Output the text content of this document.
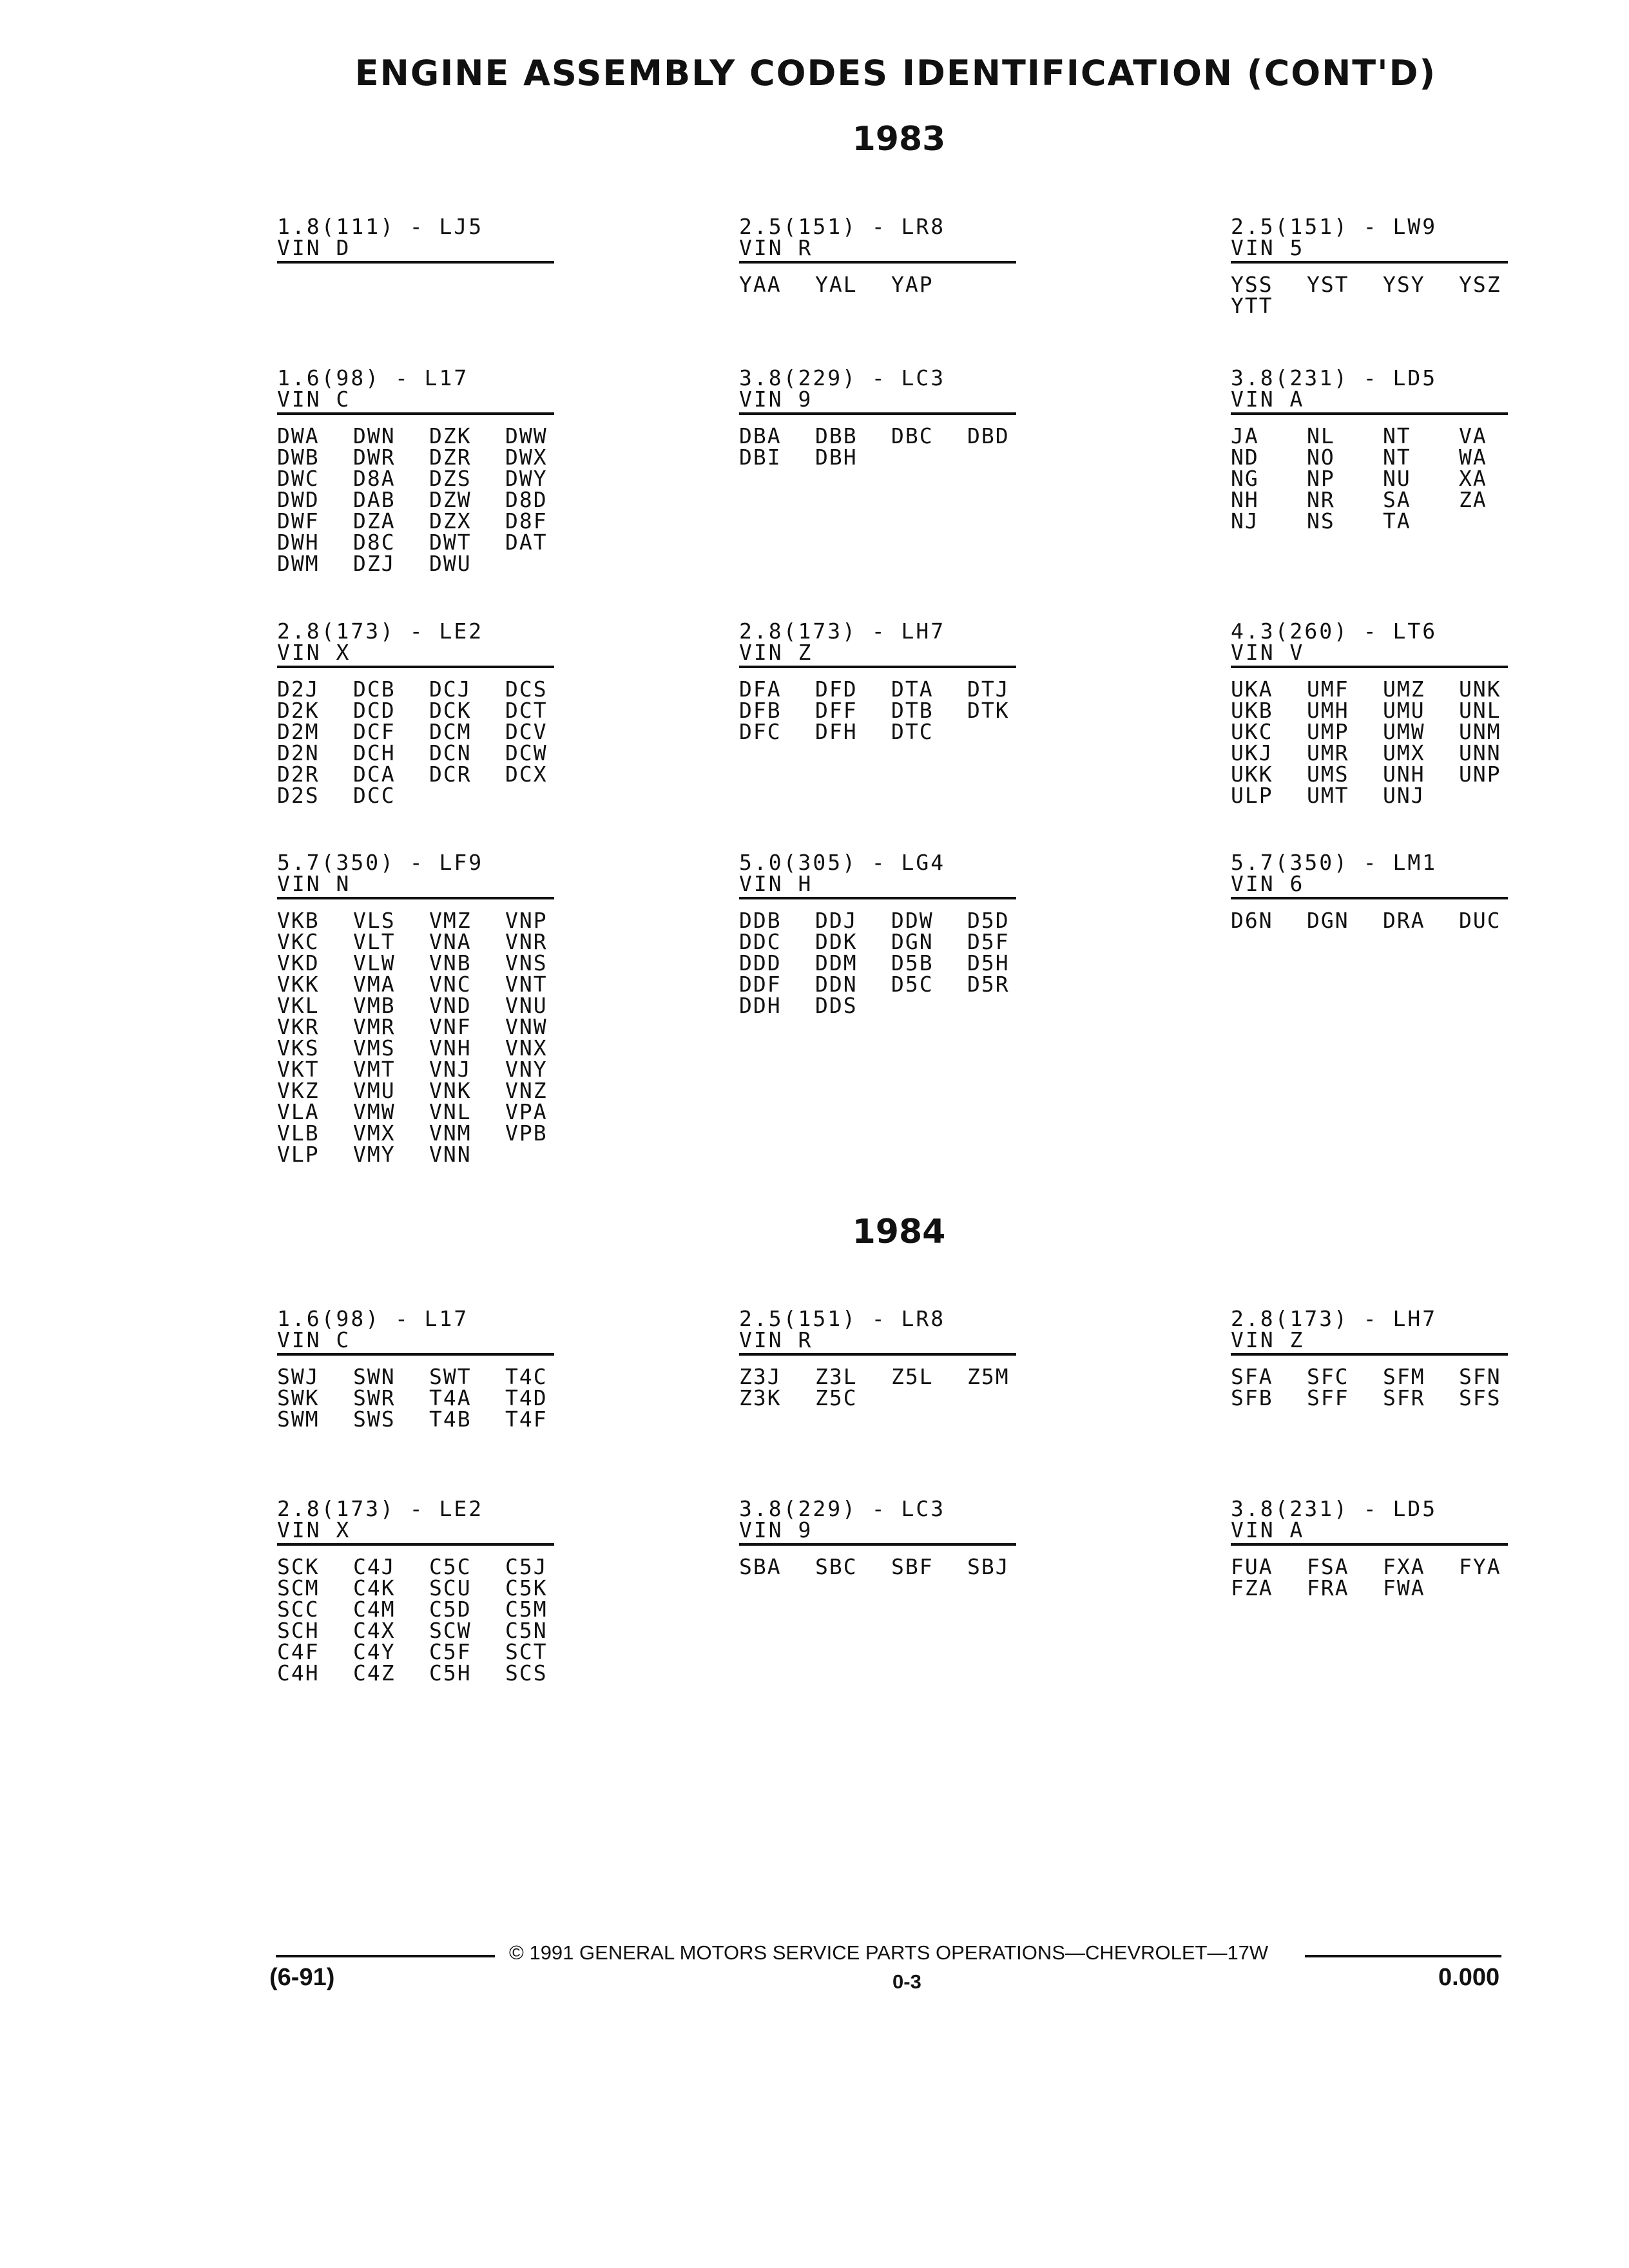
ENGINE ASSEMBLY CODES IDENTIFICATION (CONT'D)
1983
1.8(111) - LJ5
VIN D
2.5(151) - LR8
VIN R
YAA	YAL	YAP
2.5(151) - LW9
VIN 5
YSS	YST	YSY	YSZ
YTT
1.6(98) - L17
VIN C
DWA	DWN	DZK	DWW
DWB	DWR	DZR	DWX
DWC	D8A	DZS	DWY
DWD	DAB	DZW	D8D
DWF	DZA	DZX	D8F
DWH	D8C	DWT	DAT
DWM	DZJ	DWU
3.8(229) - LC3
VIN 9
DBA	DBB	DBC	DBD
DBI	DBH
3.8(231) - LD5
VIN A
JA	NL	NT	VA
ND	NO	NT	WA
NG	NP	NU	XA
NH	NR	SA	ZA
NJ	NS	TA
2.8(173) - LE2
VIN X
D2J	DCB	DCJ	DCS
D2K	DCD	DCK	DCT
D2M	DCF	DCM	DCV
D2N	DCH	DCN	DCW
D2R	DCA	DCR	DCX
D2S	DCC
2.8(173) - LH7
VIN Z
DFA	DFD	DTA	DTJ
DFB	DFF	DTB	DTK
DFC	DFH	DTC
4.3(260) - LT6
VIN V
UKA	UMF	UMZ	UNK
UKB	UMH	UMU	UNL
UKC	UMP	UMW	UNM
UKJ	UMR	UMX	UNN
UKK	UMS	UNH	UNP
ULP	UMT	UNJ
5.7(350) - LF9
VIN N
VKB	VLS	VMZ	VNP
VKC	VLT	VNA	VNR
VKD	VLW	VNB	VNS
VKK	VMA	VNC	VNT
VKL	VMB	VND	VNU
VKR	VMR	VNF	VNW
VKS	VMS	VNH	VNX
VKT	VMT	VNJ	VNY
VKZ	VMU	VNK	VNZ
VLA	VMW	VNL	VPA
VLB	VMX	VNM	VPB
VLP	VMY	VNN
5.0(305) - LG4
VIN H
DDB	DDJ	DDW	D5D
DDC	DDK	DGN	D5F
DDD	DDM	D5B	D5H
DDF	DDN	D5C	D5R
DDH	DDS
5.7(350) - LM1
VIN 6
D6N	DGN	DRA	DUC
1984
1.6(98) - L17
VIN C
SWJ	SWN	SWT	T4C
SWK	SWR	T4A	T4D
SWM	SWS	T4B	T4F
2.5(151) - LR8
VIN R
Z3J	Z3L	Z5L	Z5M
Z3K	Z5C
2.8(173) - LH7
VIN Z
SFA	SFC	SFM	SFN
SFB	SFF	SFR	SFS
2.8(173) - LE2
VIN X
SCK	C4J	C5C	C5J
SCM	C4K	SCU	C5K
SCC	C4M	C5D	C5M
SCH	C4X	SCW	C5N
C4F	C4Y	C5F	SCT
C4H	C4Z	C5H	SCS
3.8(229) - LC3
VIN 9
SBA	SBC	SBF	SBJ
3.8(231) - LD5
VIN A
FUA	FSA	FXA	FYA
FZA	FRA	FWA
© 1991 GENERAL MOTORS SERVICE PARTS OPERATIONS—CHEVROLET—17W
(6-91)	0-3	0.000
